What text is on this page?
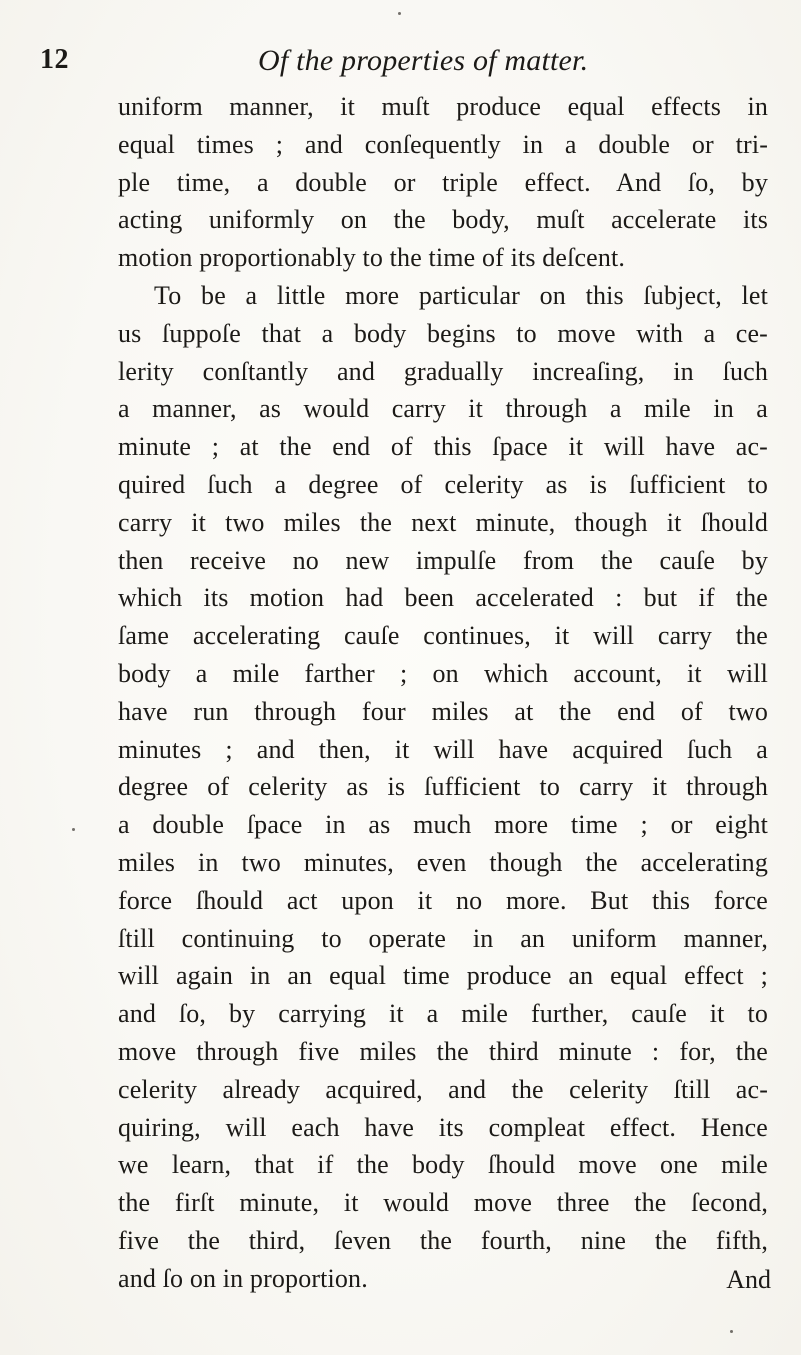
12	Of the properties of matter.
uniform manner, it muſt produce equal effects in
equal times ; and conſequently in a double or tri-
ple time, a double or triple effect. And ſo, by
acting uniformly on the body, muſt accelerate its
motion proportionably to the time of its deſcent.
To be a little more particular on this ſubject, let
us ſuppoſe that a body begins to move with a ce-
lerity conſtantly and gradually increaſing, in ſuch
a manner, as would carry it through a mile in a
minute ; at the end of this ſpace it will have ac-
quired ſuch a degree of celerity as is ſufficient to
carry it two miles the next minute, though it ſhould
then receive no new impulſe from the cauſe by
which its motion had been accelerated : but if the
ſame accelerating cauſe continues, it will carry the
body a mile farther ; on which account, it will
have run through four miles at the end of two
minutes ; and then, it will have acquired ſuch a
degree of celerity as is ſufficient to carry it through
a double ſpace in as much more time ; or eight
miles in two minutes, even though the accelerating
force ſhould act upon it no more. But this force
ſtill continuing to operate in an uniform manner,
will again in an equal time produce an equal effect ;
and ſo, by carrying it a mile further, cauſe it to
move through five miles the third minute : for, the
celerity already acquired, and the celerity ſtill ac-
quiring, will each have its compleat effect. Hence
we learn, that if the body ſhould move one mile
the firſt minute, it would move three the ſecond,
five the third, ſeven the fourth, nine the fifth,
and ſo on in proportion.	And
